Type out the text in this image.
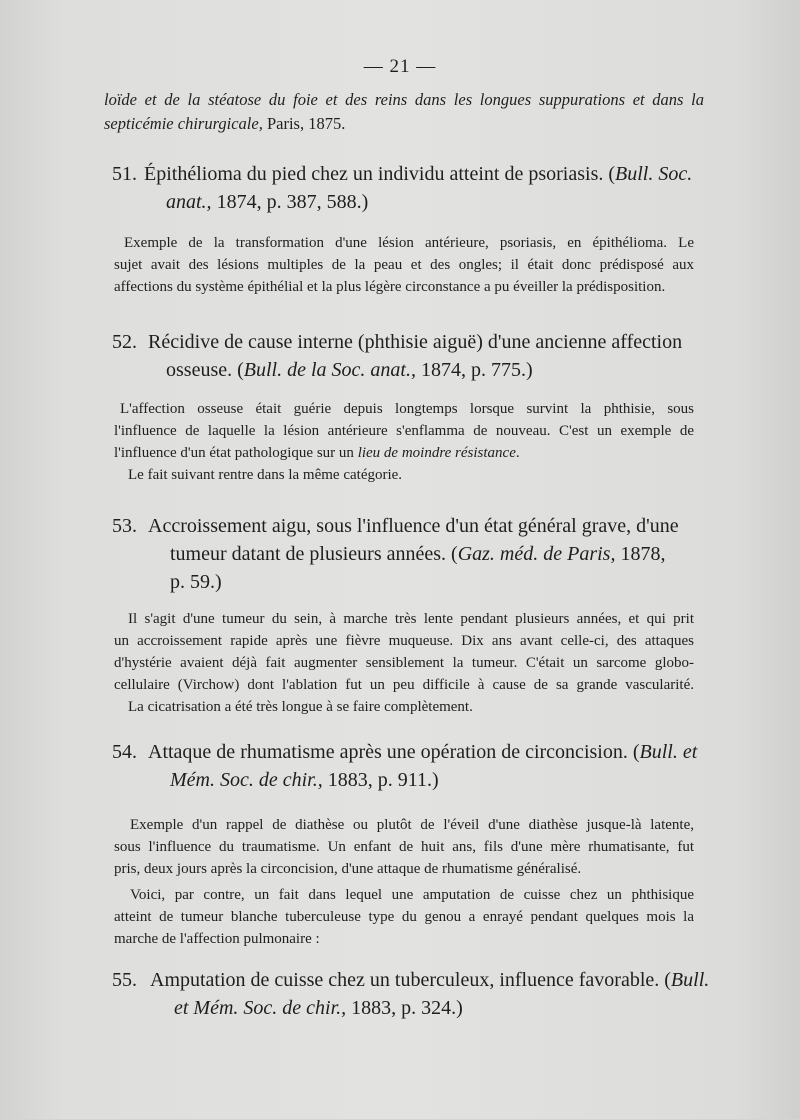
— 21 —
loïde et de la stéatose du foie et des reins dans les longues suppurations et dans la
septicémie chirurgicale, Paris, 1875.
51. Épithélioma du pied chez un individu atteint de psoriasis. (Bull. Soc.
anat., 1874, p. 387, 588.)
Exemple de la transformation d'une lésion antérieure, psoriasis, en épithélioma. Le
sujet avait des lésions multiples de la peau et des ongles; il était donc prédisposé aux
affections du système épithélial et la plus légère circonstance a pu éveiller la prédisposition.
52. Récidive de cause interne (phthisie aiguë) d'une ancienne affection
osseuse. (Bull. de la Soc. anat., 1874, p. 775.)
L'affection osseuse était guérie depuis longtemps lorsque survint la phthisie, sous
l'influence de laquelle la lésion antérieure s'enflamma de nouveau. C'est un exemple de
l'influence d'un état pathologique sur un lieu de moindre résistance.
Le fait suivant rentre dans la même catégorie.
53. Accroissement aigu, sous l'influence d'un état général grave, d'une
tumeur datant de plusieurs années. (Gaz. méd. de Paris, 1878,
p. 59.)
Il s'agit d'une tumeur du sein, à marche très lente pendant plusieurs années, et qui prit
un accroissement rapide après une fièvre muqueuse. Dix ans avant celle-ci, des attaques
d'hystérie avaient déjà fait augmenter sensiblement la tumeur. C'était un sarcome globo-
cellulaire (Virchow) dont l'ablation fut un peu difficile à cause de sa grande vascularité.
La cicatrisation a été très longue à se faire complètement.
54. Attaque de rhumatisme après une opération de circoncision. (Bull. et
Mém. Soc. de chir., 1883, p. 911.)
Exemple d'un rappel de diathèse ou plutôt de l'éveil d'une diathèse jusque-là latente,
sous l'influence du traumatisme. Un enfant de huit ans, fils d'une mère rhumatisante, fut
pris, deux jours après la circoncision, d'une attaque de rhumatisme généralisé.
Voici, par contre, un fait dans lequel une amputation de cuisse chez un phthisique
atteint de tumeur blanche tuberculeuse type du genou a enrayé pendant quelques mois la
marche de l'affection pulmonaire :
55. Amputation de cuisse chez un tuberculeux, influence favorable. (Bull.
et Mém. Soc. de chir., 1883, p. 324.)
